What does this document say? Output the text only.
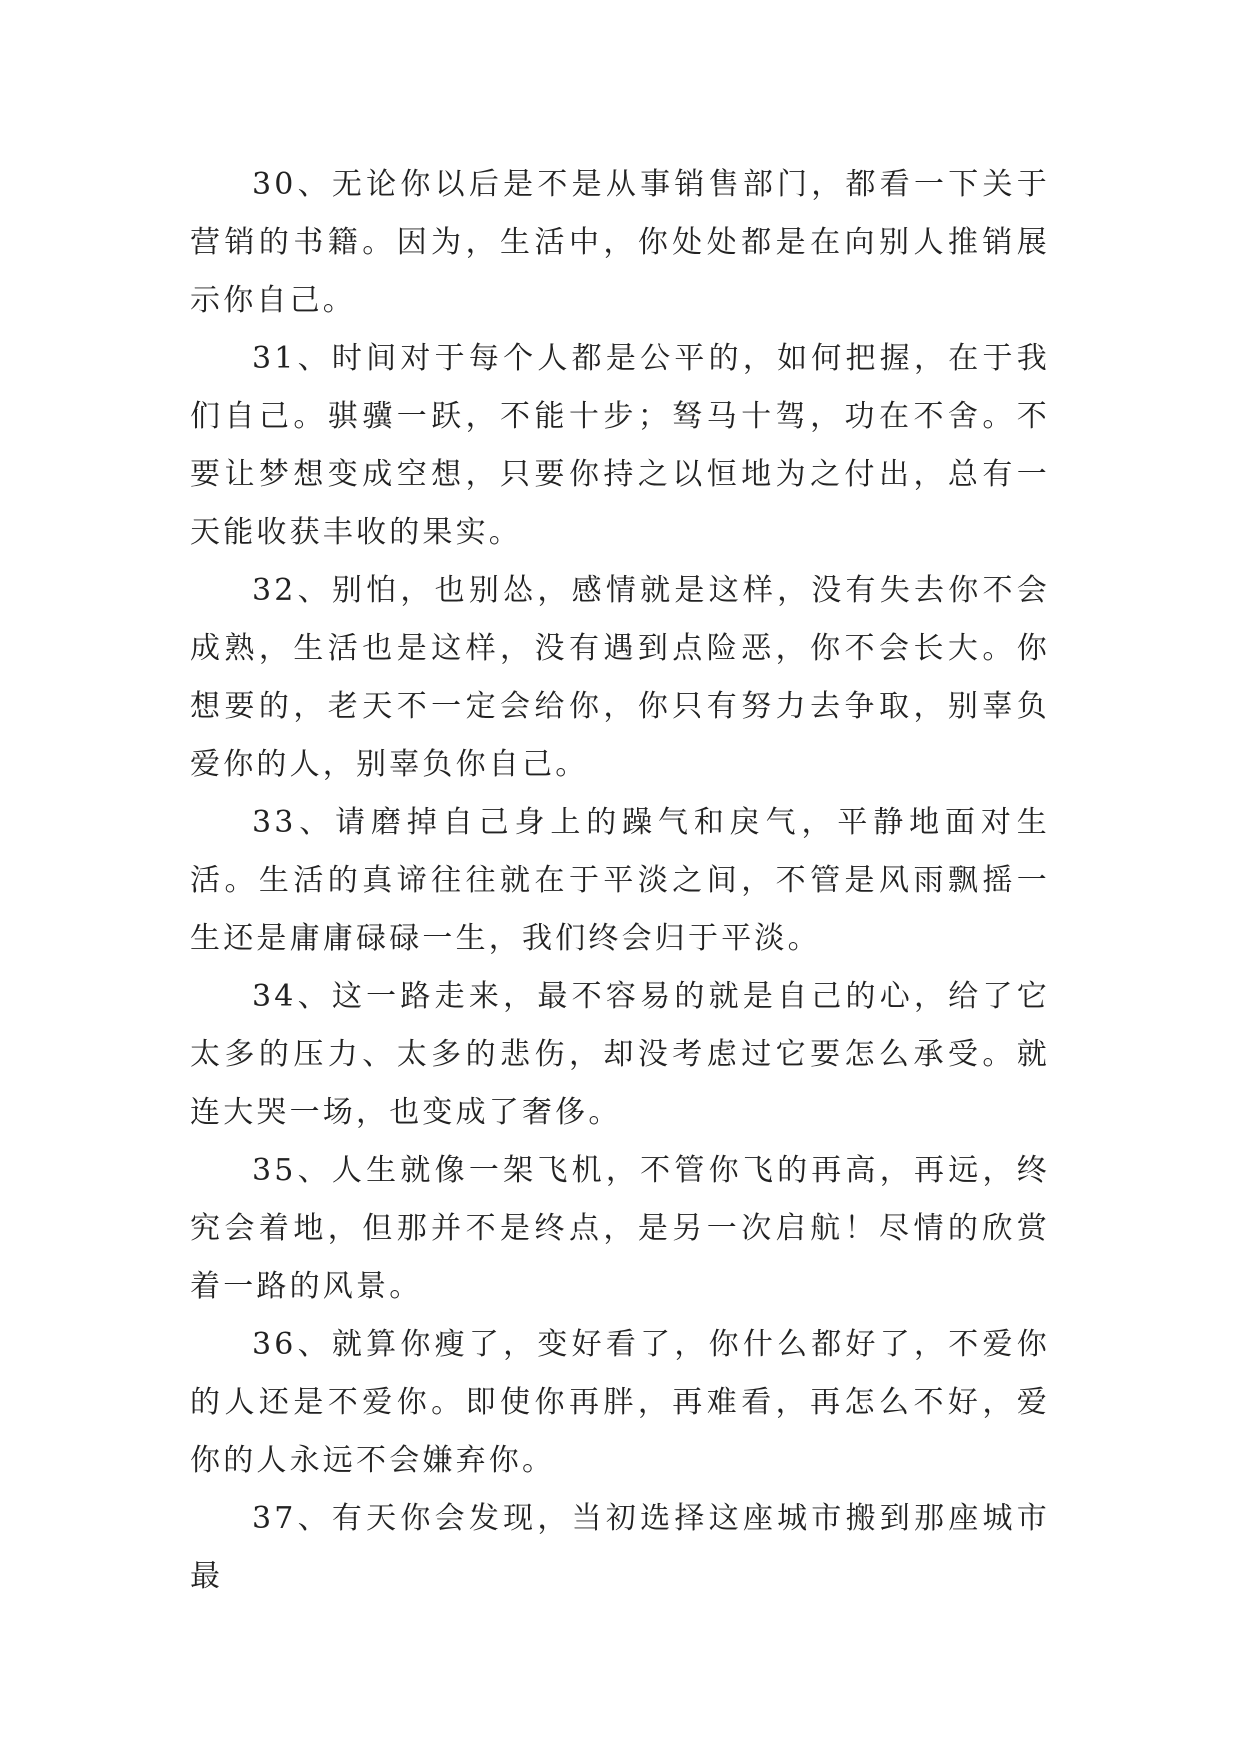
30、无论你以后是不是从事销售部门，都看一下关于营销的书籍。因为，生活中，你处处都是在向别人推销展示你自己。

31、时间对于每个人都是公平的，如何把握，在于我们自己。骐骥一跃，不能十步；驽马十驾，功在不舍。不要让梦想变成空想，只要你持之以恒地为之付出，总有一天能收获丰收的果实。

32、别怕，也别怂，感情就是这样，没有失去你不会成熟，生活也是这样，没有遇到点险恶，你不会长大。你想要的，老天不一定会给你，你只有努力去争取，别辜负爱你的人，别辜负你自己。

33、请磨掉自己身上的躁气和戾气，平静地面对生活。生活的真谛往往就在于平淡之间，不管是风雨飘摇一生还是庸庸碌碌一生，我们终会归于平淡。

34、这一路走来，最不容易的就是自己的心，给了它太多的压力、太多的悲伤，却没考虑过它要怎么承受。就连大哭一场，也变成了奢侈。

35、人生就像一架飞机，不管你飞的再高，再远，终究会着地，但那并不是终点，是另一次启航！尽情的欣赏着一路的风景。

36、就算你瘦了，变好看了，你什么都好了，不爱你的人还是不爱你。即使你再胖，再难看，再怎么不好，爱你的人永远不会嫌弃你。

37、有天你会发现，当初选择这座城市搬到那座城市最
